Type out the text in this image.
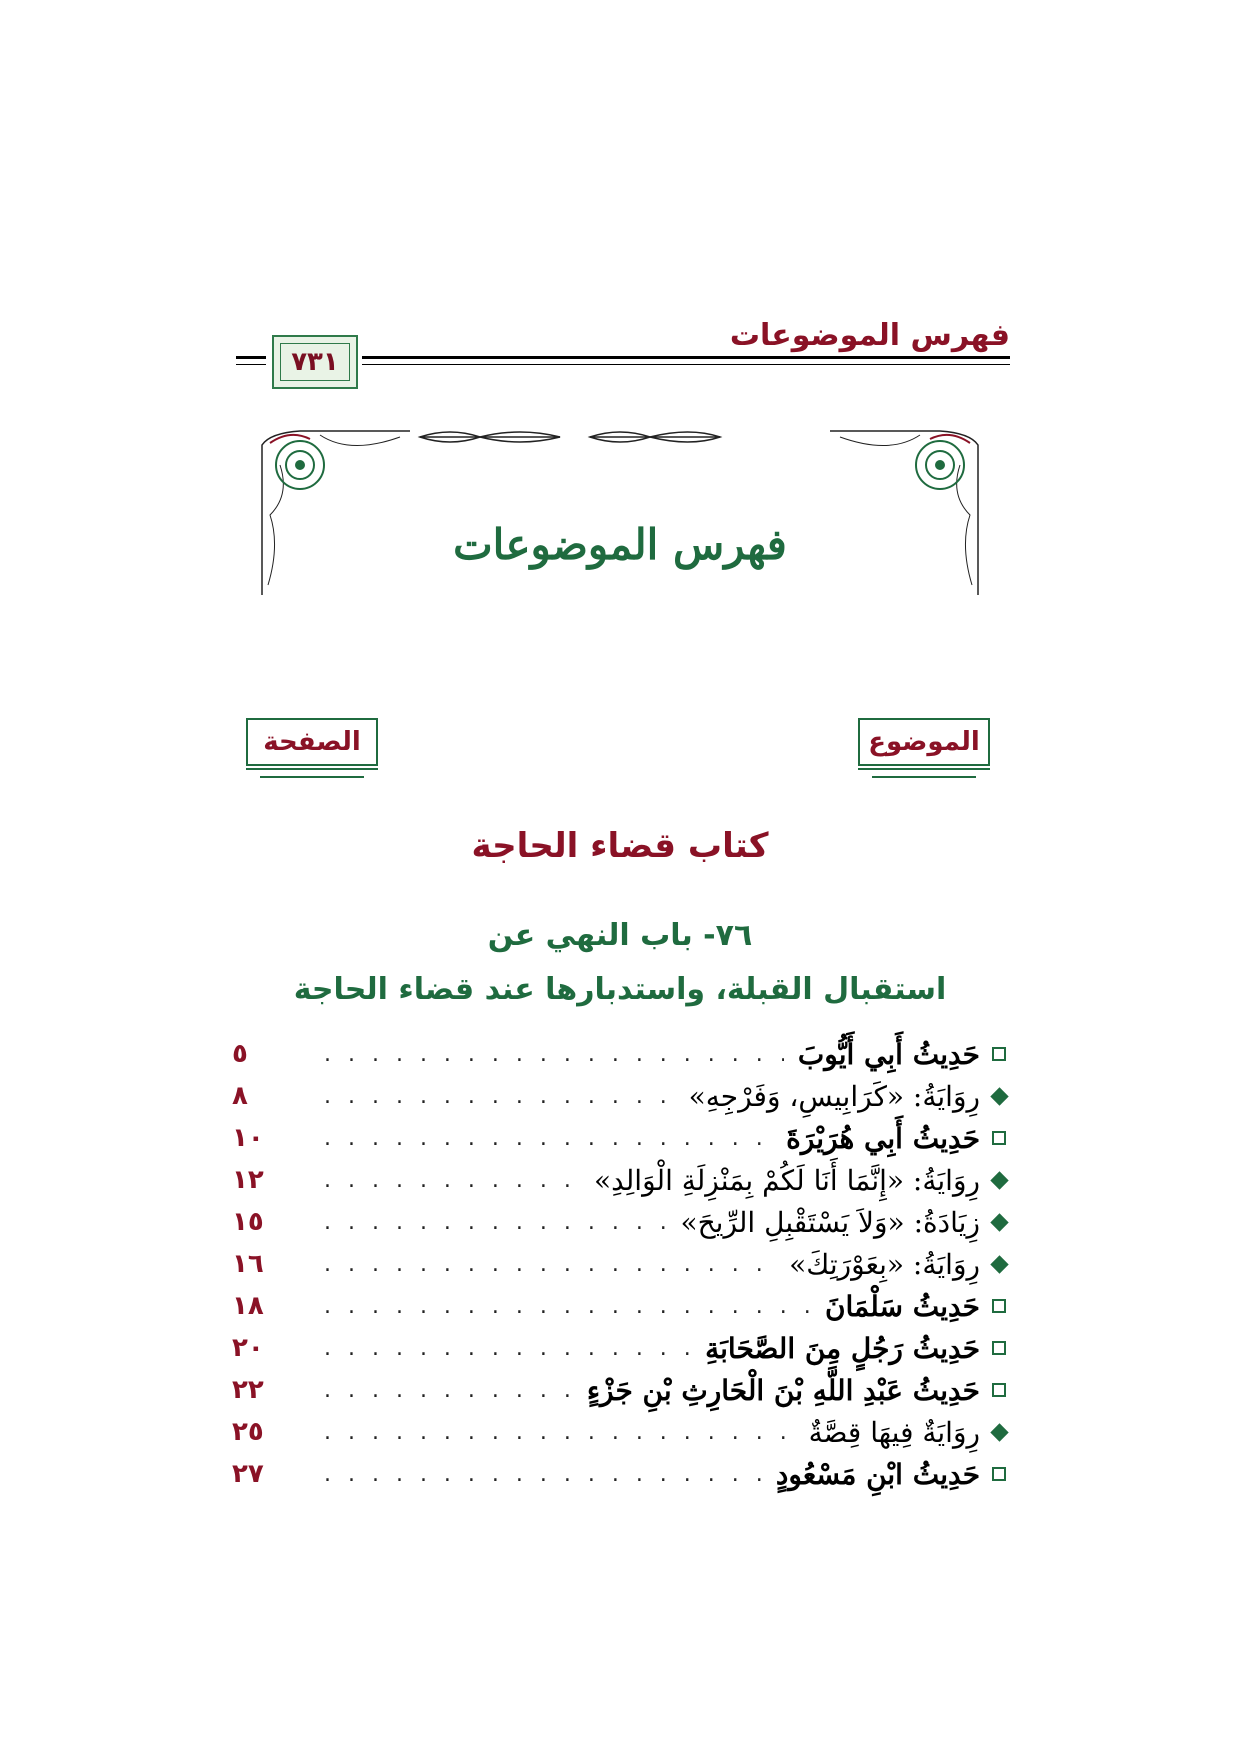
فهرس الموضوعات
٧٣١
فهرس الموضوعات
الموضوع
الصفحة
كتاب قضاء الحاجة
٧٦- باب النهي عن
استقبال القبلة، واستدبارها عند قضاء الحاجة
حَدِيثُ أَبِي أَيُّوبَ
. . .
٥
رِوَايَةُ: «كَرَابِيسِ، وَفَرْجِهِ»
. . .
٨
حَدِيثُ أَبِي هُرَيْرَةَ
. . .
١٠
رِوَايَةُ: «إِنَّمَا أَنَا لَكُمْ بِمَنْزِلَةِ الْوَالِدِ»
. . .
١٢
زِيَادَةُ: «وَلاَ يَسْتَقْبِلِ الرِّيحَ»
. . .
١٥
رِوَايَةُ: «بِعَوْرَتِكَ»
. . .
١٦
حَدِيثُ سَلْمَانَ
. . .
١٨
حَدِيثُ رَجُلٍ مِنَ الصَّحَابَةِ
. . .
٢٠
حَدِيثُ عَبْدِ اللَّهِ بْنَ الْحَارِثِ بْنِ جَزْءٍ
. . .
٢٢
رِوَايَةٌ فِيهَا قِصَّةٌ
. . .
٢٥
حَدِيثُ ابْنِ مَسْعُودٍ
. . .
٢٧
